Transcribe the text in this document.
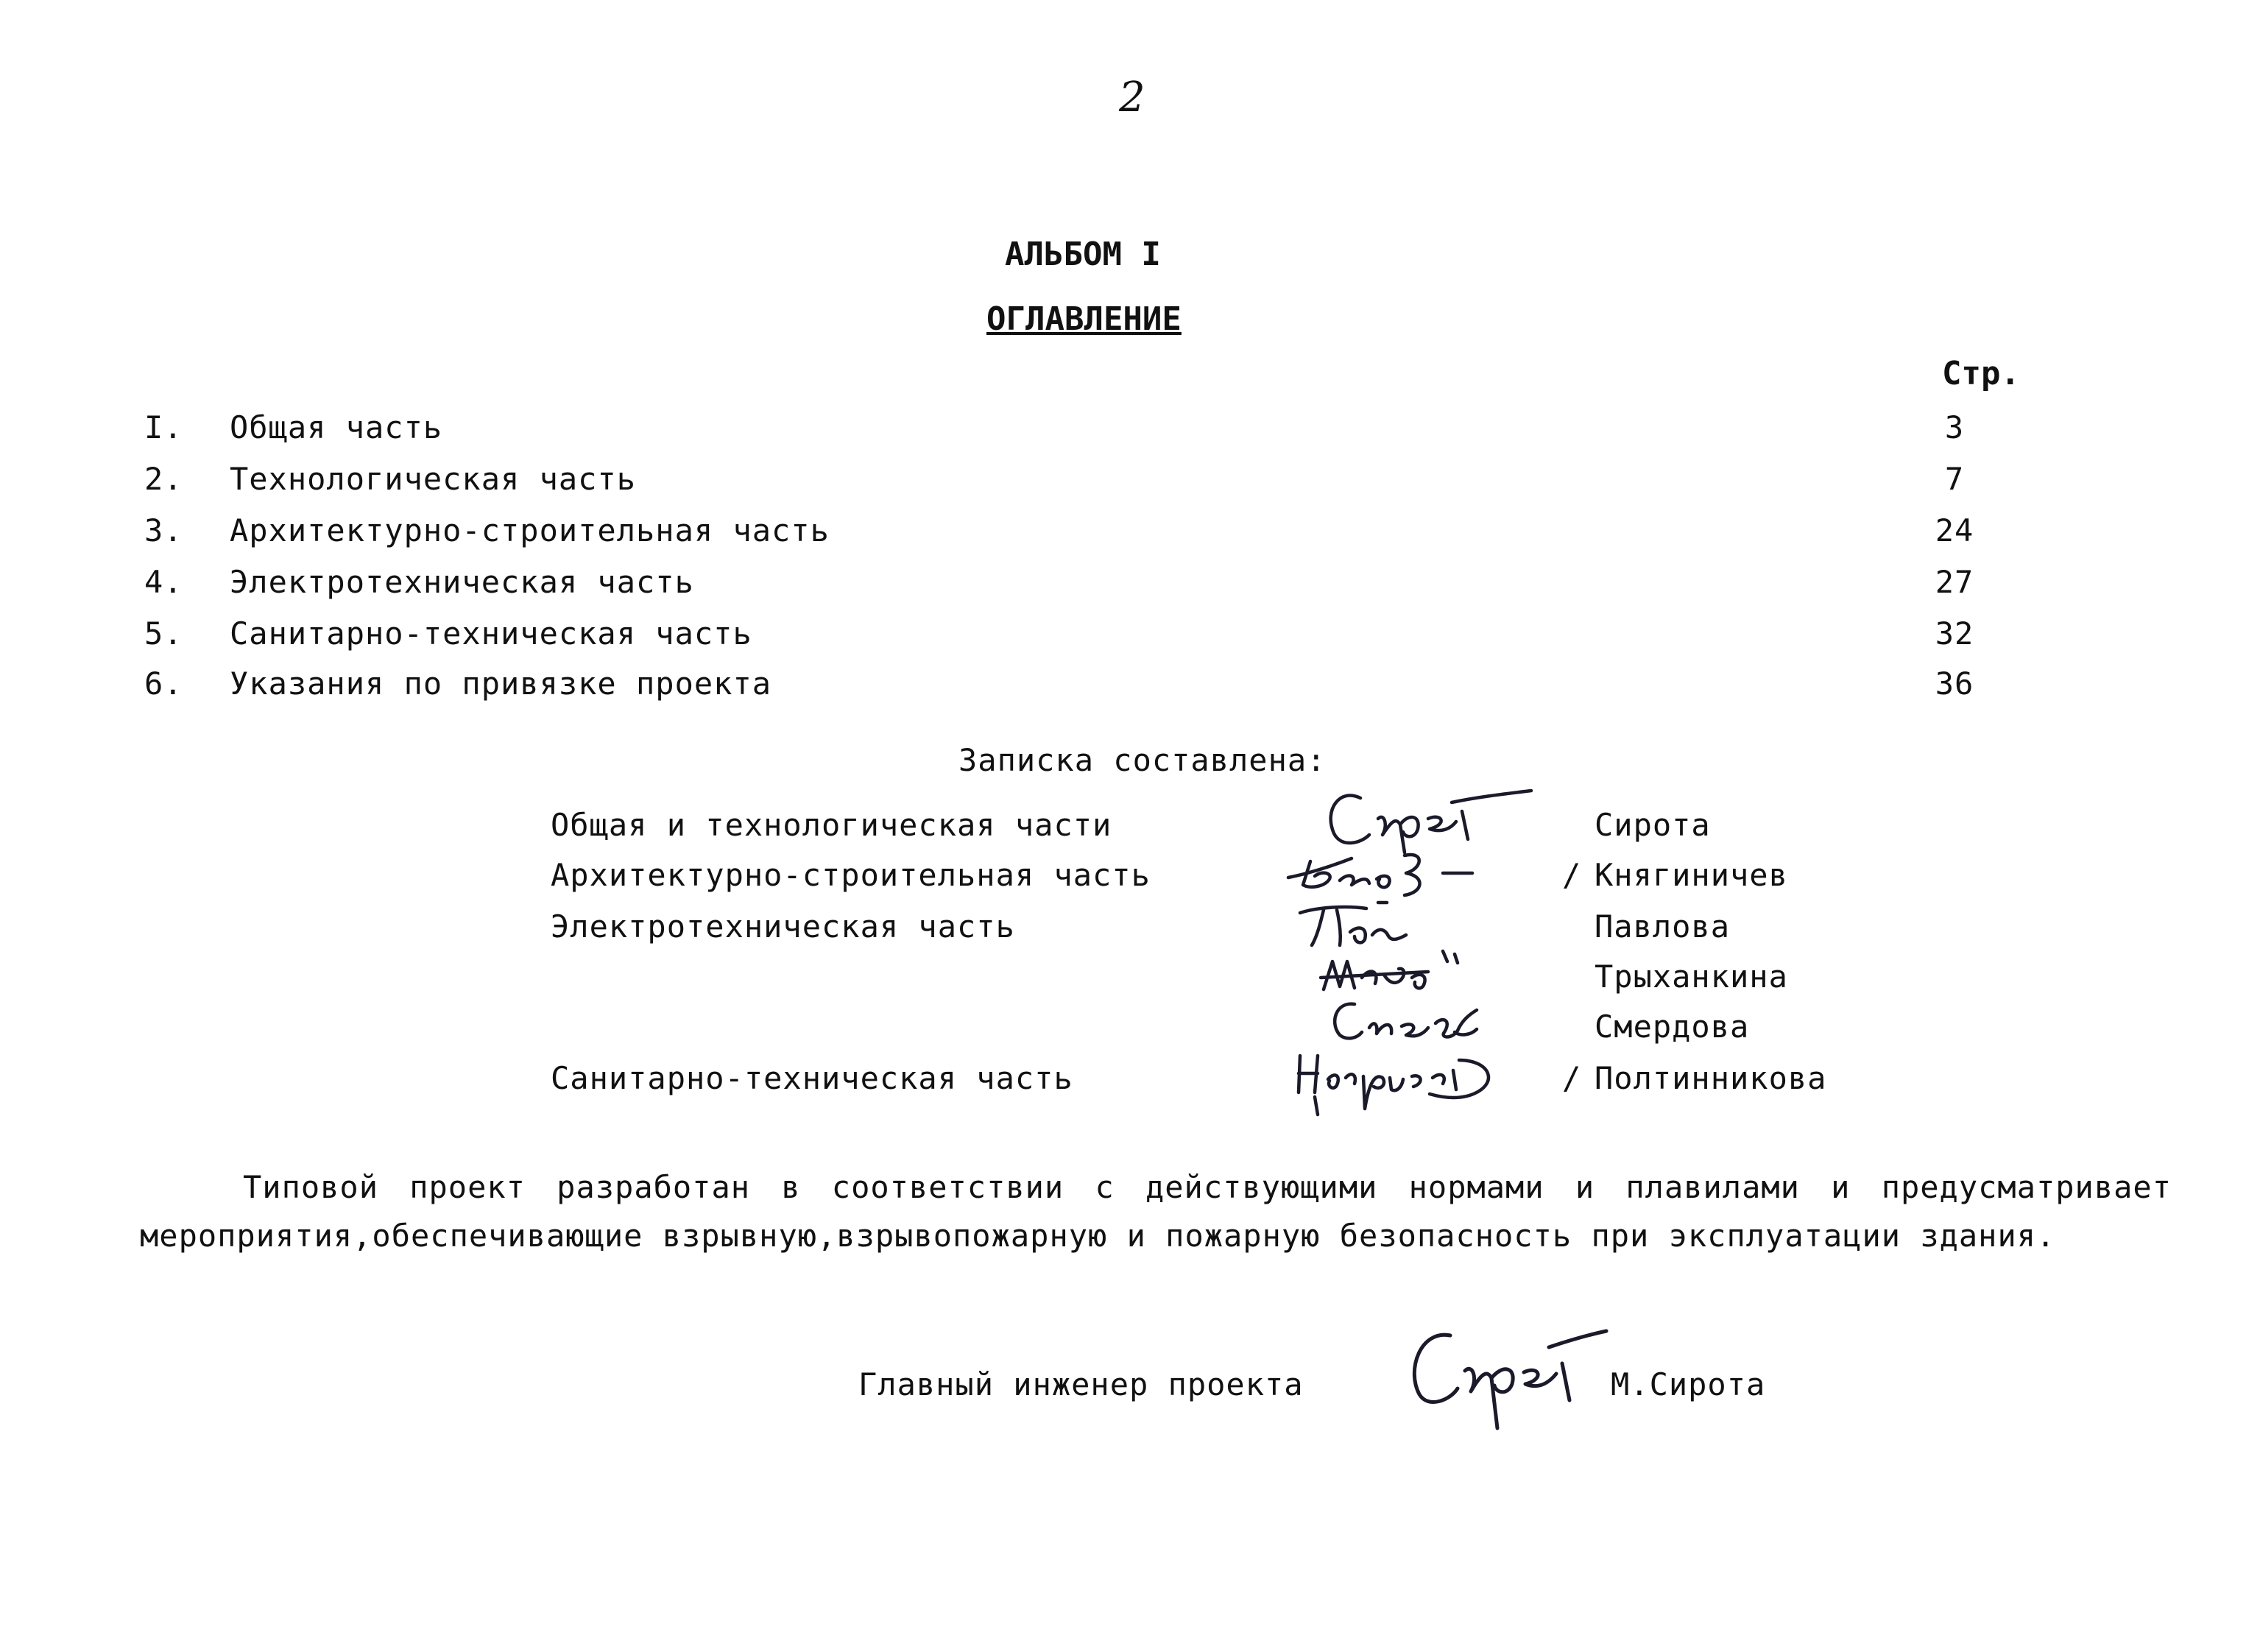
2
АЛЬБОМ I
ОГЛАВЛЕНИЕ
Стр.
I. Общая часть	3
2. Технологическая часть	7
3. Архитектурно-строительная часть	24
4. Электротехническая часть	27
5. Санитарно-техническая часть	32
6. Указания по привязке проекта	36
Записка составлена:
Общая и технологическая части	Сирота
Архитектурно-строительная часть	/ Княгиничев
Электротехническая часть	Павлова
Трыханкина
Смердова
Санитарно-техническая часть	/ Полтинникова
Типовой проект разработан в соответствии с действующими нормами и плавилами и предусматривает мероприятия,обеспечивающие взрывную,взрывопожарную и пожарную безопасность при эксплуатации здания.
Главный инженер проекта	М.Сирота
